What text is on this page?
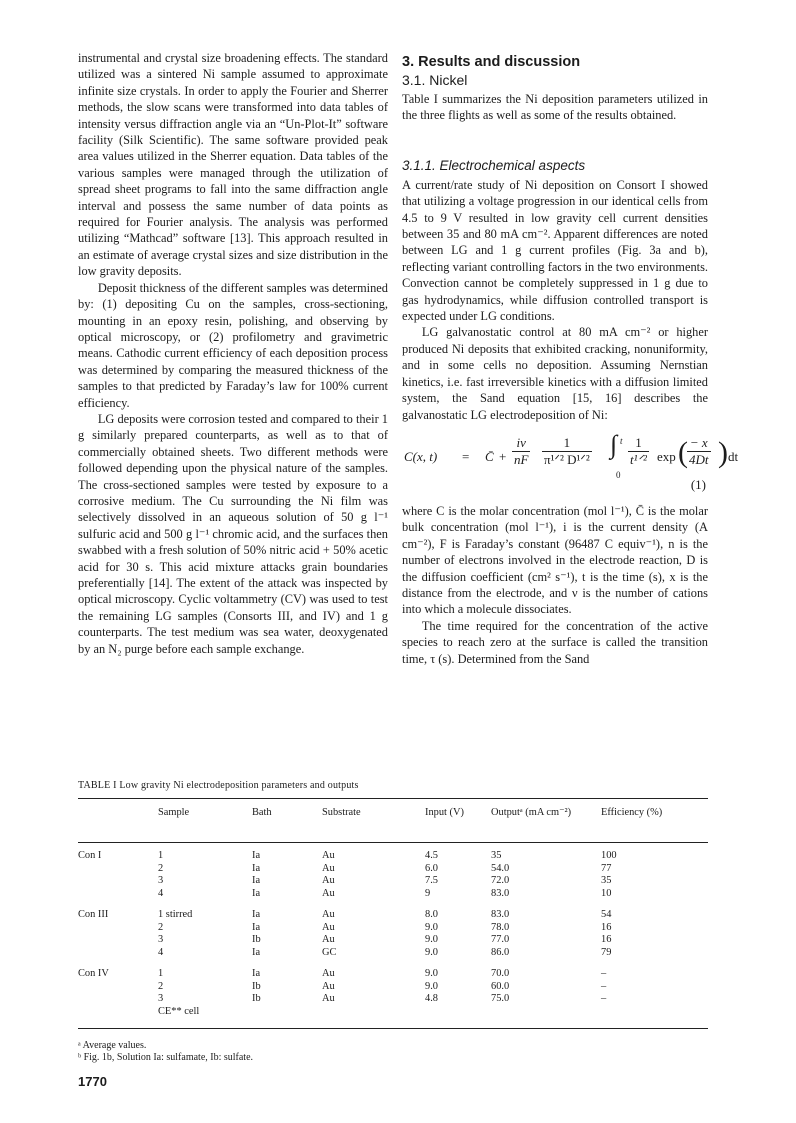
instrumental and crystal size broadening effects. The standard utilized was a sintered Ni sample assumed to approximate infinite size crystals. In order to apply the Fourier and Sherrer methods, the slow scans were transformed into data tables of intensity versus diffraction angle via an “Un-Plot-It” software facility (Silk Scientific). The same software provided peak area values utilized in the Sherrer equation. Data tables of the various samples were managed through the utilization of spread sheet programs to fall into the same diffraction angle interval and possess the same number of data points as required for Fourier analysis. The analysis was performed utilizing “Mathcad” software [13]. This approach resulted in an estimate of average crystal sizes and size distribution in the low gravity deposits.

Deposit thickness of the different samples was determined by: (1) depositing Cu on the samples, cross-sectioning, mounting in an epoxy resin, polishing, and observing by optical microscopy, or (2) profilometry and gravimetric means. Cathodic current efficiency of each deposition process was determined by comparing the measured thickness of the samples to that predicted by Faraday’s law for 100% current efficiency.

LG deposits were corrosion tested and compared to their 1 g similarly prepared counterparts, as well as to that of commercially obtained sheets. Two different methods were followed depending upon the physical nature of the samples. The cross-sectioned samples were tested by exposure to a corrosive medium. The Cu surrounding the Ni film was selectively dissolved in an aqueous solution of 50 g l⁻¹ sulfuric acid and 500 g l⁻¹ chromic acid, and the surfaces then swabbed with a fresh solution of 50% nitric acid + 50% acetic acid for 30 s. This acid mixture attacks grain boundaries preferentially [14]. The extent of the attack was inspected by optical microscopy. Cyclic voltammetry (CV) was used to test the remaining LG samples (Consorts III, and IV) and 1 g counterparts. The test medium was sea water, deoxygenated by an N₂ purge before each sample exchange.

3. Results and discussion
3.1. Nickel

Table I summarizes the Ni deposition parameters utilized in the three flights as well as some of the results obtained.

3.1.1. Electrochemical aspects

A current/rate study of Ni deposition on Consort I showed that utilizing a voltage progression in our identical cells from 4.5 to 9 V resulted in low gravity cell current densities between 35 and 80 mA cm⁻². Apparent differences are noted between LG and 1 g current profiles (Fig. 3a and b), reflecting variant controlling factors in the two environments. Convection cannot be completely suppressed in 1 g due to gas hydrodynamics, while diffusion controlled transport is expected under LG conditions.

LG galvanostatic control at 80 mA cm⁻² or higher produced Ni deposits that exhibited cracking, nonuniformity, and in some cells no deposition. Assuming Nernstian kinetics, i.e. fast irreversible kinetics with a diffusion limited system, the Sand equation [15, 16] describes the galvanostatic LG electrodeposition of Ni:

C(x, t) = C̄ + $\frac{i\nu}{nF}$	1
π¹ᐟ² D¹ᐟ²
∫ t
0
1
t¹ᐟ² exp ( $\frac{- x}{4Dt}$ ) dt
(1)

where C is the molar concentration (mol l⁻¹), C̄ is the molar bulk concentration (mol l⁻¹), i is the current density (A cm⁻²), F is Faraday’s constant (96487 C equiv⁻¹), n is the number of electrons involved in the electrode reaction, D is the diffusion coefficient (cm² s⁻¹), t is the time (s), x is the distance from the electrode, and ν is the number of cations into which a molecule dissociates.

The time required for the concentration of the active species to reach zero at the surface is called the transition time, τ (s). Determined from the Sand

TABLE I Low gravity Ni electrodeposition parameters and outputs
	Sample	Bath	Substrate	Input (V)	Outputᵃ (mA cm⁻²)	Efficiency (%)
Con I	1	Ia	Au	4.5	35	100
	2	Ia	Au	6.0	54.0	77
	3	Ia	Au	7.5	72.0	35
	4	Ia	Au	9	83.0	10
Con III	1 stirred	Ia	Au	8.0	83.0	54
	2	Ia	Au	9.0	78.0	16
	3	Ib	Au	9.0	77.0	16
	4	Ia	GC	9.0	86.0	79
Con IV	1	Ia	Au	9.0	70.0	–
	2	Ib	Au	9.0	60.0	–
	3	Ib	Au	4.8	75.0	–
	CE** cell					
ᵃ Average values.
ᵇ Fig. 1b, Solution Ia: sulfamate, Ib: sulfate.
1770
